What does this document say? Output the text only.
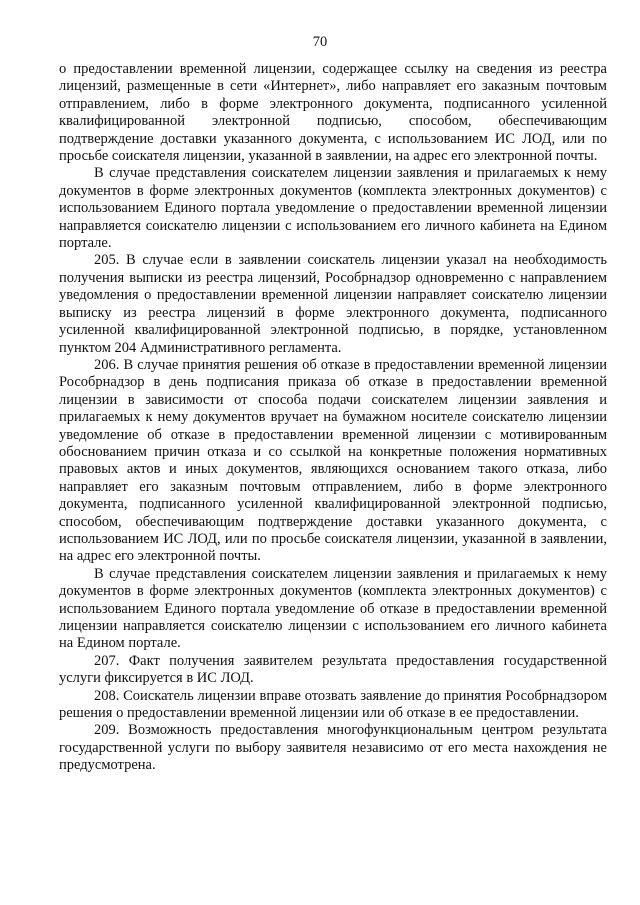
70

о предоставлении временной лицензии, содержащее ссылку на сведения из реестра лицензий, размещенные в сети «Интернет», либо направляет его заказным почтовым отправлением, либо в форме электронного документа, подписанного усиленной квалифицированной электронной подписью, способом, обеспечивающим подтверждение доставки указанного документа, с использованием ИС ЛОД, или по просьбе соискателя лицензии, указанной в заявлении, на адрес его электронной почты.

В случае представления соискателем лицензии заявления и прилагаемых к нему документов в форме электронных документов (комплекта электронных документов) с использованием Единого портала уведомление о предоставлении временной лицензии направляется соискателю лицензии с использованием его личного кабинета на Едином портале.

205. В случае если в заявлении соискатель лицензии указал на необходимость получения выписки из реестра лицензий, Рособрнадзор одновременно с направлением уведомления о предоставлении временной лицензии направляет соискателю лицензии выписку из реестра лицензий в форме электронного документа, подписанного усиленной квалифицированной электронной подписью, в порядке, установленном пунктом 204 Административного регламента.

206. В случае принятия решения об отказе в предоставлении временной лицензии Рособрнадзор в день подписания приказа об отказе в предоставлении временной лицензии в зависимости от способа подачи соискателем лицензии заявления и прилагаемых к нему документов вручает на бумажном носителе соискателю лицензии уведомление об отказе в предоставлении временной лицензии с мотивированным обоснованием причин отказа и со ссылкой на конкретные положения нормативных правовых актов и иных документов, являющихся основанием такого отказа, либо направляет его заказным почтовым отправлением, либо в форме электронного документа, подписанного усиленной квалифицированной электронной подписью, способом, обеспечивающим подтверждение доставки указанного документа, с использованием ИС ЛОД, или по просьбе соискателя лицензии, указанной в заявлении, на адрес его электронной почты.

В случае представления соискателем лицензии заявления и прилагаемых к нему документов в форме электронных документов (комплекта электронных документов) с использованием Единого портала уведомление об отказе в предоставлении временной лицензии направляется соискателю лицензии с использованием его личного кабинета на Едином портале.

207. Факт получения заявителем результата предоставления государственной услуги фиксируется в ИС ЛОД.

208. Соискатель лицензии вправе отозвать заявление до принятия Рособрнадзором решения о предоставлении временной лицензии или об отказе в ее предоставлении.

209. Возможность предоставления многофункциональным центром результата государственной услуги по выбору заявителя независимо от его места нахождения не предусмотрена.
